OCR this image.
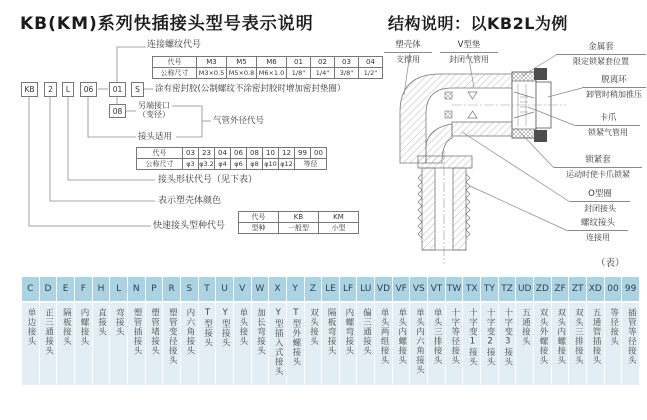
KB(KM)系列快插接头型号表示说明	结构说明：以KB2L为例
KB	2	L	06	01	S
08
连接螺纹代号
涂有密封胶(公制螺纹不涂密封胶时增加密封垫圈）
另端接口
（变径）
气管外径代号
接头适用
接头形状代号（见下表）
表示塑壳体颜色
快速接头型种代号
代号	M3	M5	M6	01	02	03	04
公称尺寸	M3×0.5	M5×0.8	M6×1.0	1/8"	1/4"	3/8"	1/2"
代号	03	23	04	06	08	10	12	99	00
公称尺寸	φ3	φ3.2	φ4	φ6	φ8	φ10	φ12	等径	
代号	KB	KM
型种	一般型	小型
塑壳体
支撑用
V型垫
封闭气管用
金属套
限定锁紧套位置
脱离环
卸管时稍加推压
卡爪
锁紧气管用
锁紧套
运动时使卡爪锁紧
O型圈
封闭接头
螺纹接头
连接用
（表）
C
单边接头
D
正三通接头
E
隔板接头
F
内螺接头
H
直接头
L
弯接头
N
塑管插接头
P
塑管堵接头
R
塑管变径接头
S
内六角接头
T
T型接头
U
Y型接头
V
单头接头
W
加长弯接头
X
Y型插入式接头
Y
T型外螺接头
Z
双头接头
LE
隔板弯接头
LF
内螺弯接头
LU
偏三通接头
VD
单头两组接头
VF
单头内螺接头
VS
单头内六角接头
VT
单头三排接头
TW
十字等径接头
TX
十字变1接头
TY
十字变2接头
TZ
十字变3接头
UD
五通接头
ZD
双头外螺接头
ZF
双头内螺接头
ZT
双头三排接头
XD
五通管插接头
00
等径接头
99
插管等径接头
